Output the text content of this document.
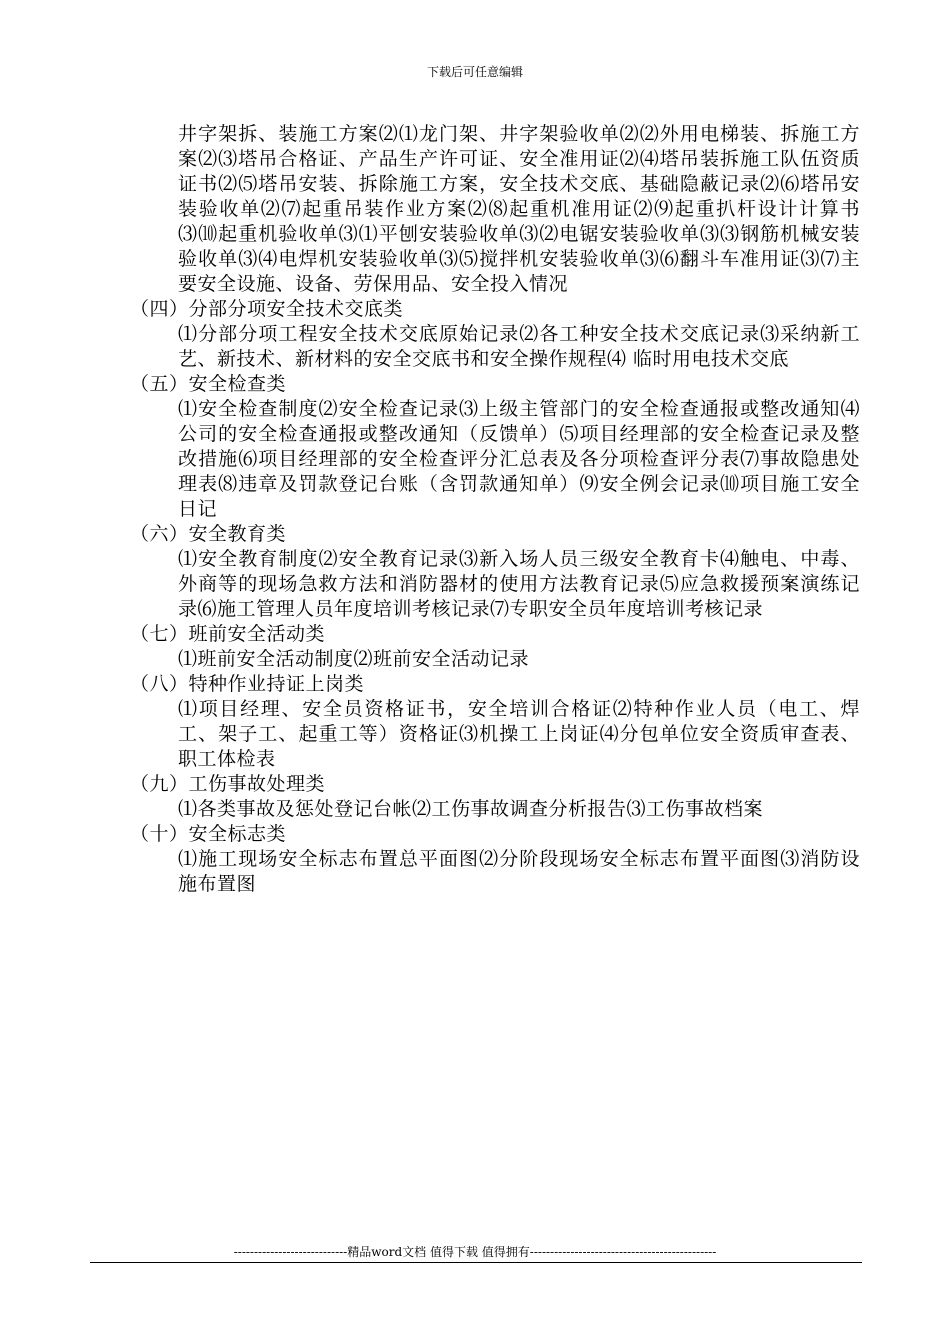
下载后可任意编辑
井字架拆、装施工方案⑵⑴龙门架、井字架验收单⑵⑵外用电梯装、拆施工方案⑵⑶塔吊合格证、产品生产许可证、安全准用证⑵⑷塔吊装拆施工队伍资质证书⑵⑸塔吊安装、拆除施工方案，安全技术交底、基础隐蔽记录⑵⑹塔吊安装验收单⑵⑺起重吊装作业方案⑵⑻起重机准用证⑵⑼起重扒杆设计计算书⑶⑽起重机验收单⑶⑴平刨安装验收单⑶⑵电锯安装验收单⑶⑶钢筋机械安装验收单⑶⑷电焊机安装验收单⑶⑸搅拌机安装验收单⑶⑹翻斗车准用证⑶⑺主要安全设施、设备、劳保用品、安全投入情况
（四）分部分项安全技术交底类
⑴分部分项工程安全技术交底原始记录⑵各工种安全技术交底记录⑶采纳新工艺、新技术、新材料的安全交底书和安全操作规程⑷ 临时用电技术交底
（五）安全检查类
⑴安全检查制度⑵安全检查记录⑶上级主管部门的安全检查通报或整改通知⑷公司的安全检查通报或整改通知（反馈单）⑸项目经理部的安全检查记录及整改措施⑹项目经理部的安全检查评分汇总表及各分项检查评分表⑺事故隐患处理表⑻违章及罚款登记台账（含罚款通知单）⑼安全例会记录⑽项目施工安全日记
（六）安全教育类
⑴安全教育制度⑵安全教育记录⑶新入场人员三级安全教育卡⑷触电、中毒、外商等的现场急救方法和消防器材的使用方法教育记录⑸应急救援预案演练记录⑹施工管理人员年度培训考核记录⑺专职安全员年度培训考核记录
（七）班前安全活动类
⑴班前安全活动制度⑵班前安全活动记录
（八）特种作业持证上岗类
⑴项目经理、安全员资格证书，安全培训合格证⑵特种作业人员（电工、焊工、架子工、起重工等）资格证⑶机操工上岗证⑷分包单位安全资质审查表、职工体检表
（九）工伤事故处理类
⑴各类事故及惩处登记台帐⑵工伤事故调查分析报告⑶工伤事故档案
（十）安全标志类
⑴施工现场安全标志布置总平面图⑵分阶段现场安全标志布置平面图⑶消防设施布置图
----------------------------精品word文档 值得下载 值得拥有----------------------------------------------
